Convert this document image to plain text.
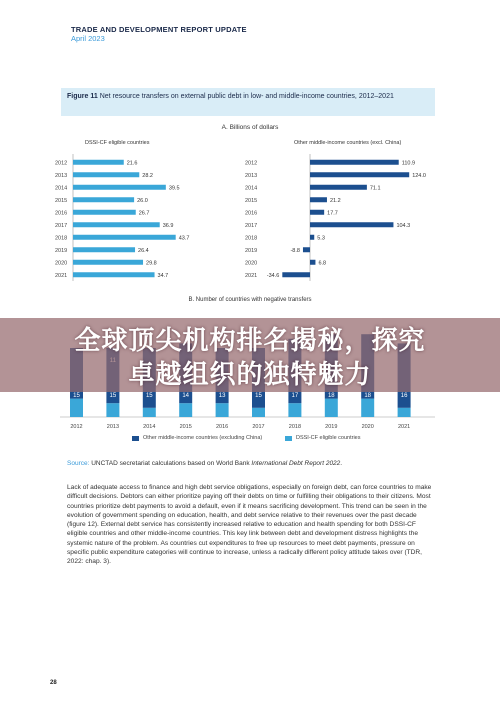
TRADE AND DEVELOPMENT REPORT UPDATE
April 2023
Figure 11 Net resource transfers on external public debt in low- and middle-income countries, 2012–2021
A. Billions of dollars
DSSI-CF eligible countries	Other middle-income countries (excl. China)
2012	21.6
2013	28.2
2014	39.5
2015	26.0
2016	26.7
2017	36.9
2018	43.7
2019	26.4
2020	29.8
2021	34.7
2012	110.9
2013	124.0
2014	71.1
2015	21.2
2016	17.7
2017	104.3
2018	5.3
2019	-8.8
2020	6.8
2021 -34.6
B. Number of countries with negative transfers
15
2012
15
2013
15
2014
14
2015
13
2016
15
2017
17
2018
18
2019
18
2020
16
2021
Other middle-income countries (excluding China)	DSSI-CF eligible countries
全球顶尖机构排名揭秘，探究
卓越组织的独特魅力
Source: UNCTAD secretariat calculations based on World Bank International Debt Report 2022.
Lack of adequate access to finance and high debt service obligations, especially on foreign debt, can force countries to make difficult decisions. Debtors can either prioritize paying off their debts on time or fulfilling their obligations to their citizens. Most countries prioritize debt payments to avoid a default, even if it means sacrificing development. This trend can be seen in the evolution of government spending on education, health, and debt service relative to their revenues over the past decade (figure 12). External debt service has consistently increased relative to education and health spending for both DSSI-CF eligible countries and other middle-income countries. This key link between debt and development distress highlights the systemic nature of the problem. As countries cut expenditures to free up resources to meet debt payments, pressure on specific public expenditure categories will continue to increase, unless a radically different policy attitude takes over (TDR, 2022: chap. 3).
28
